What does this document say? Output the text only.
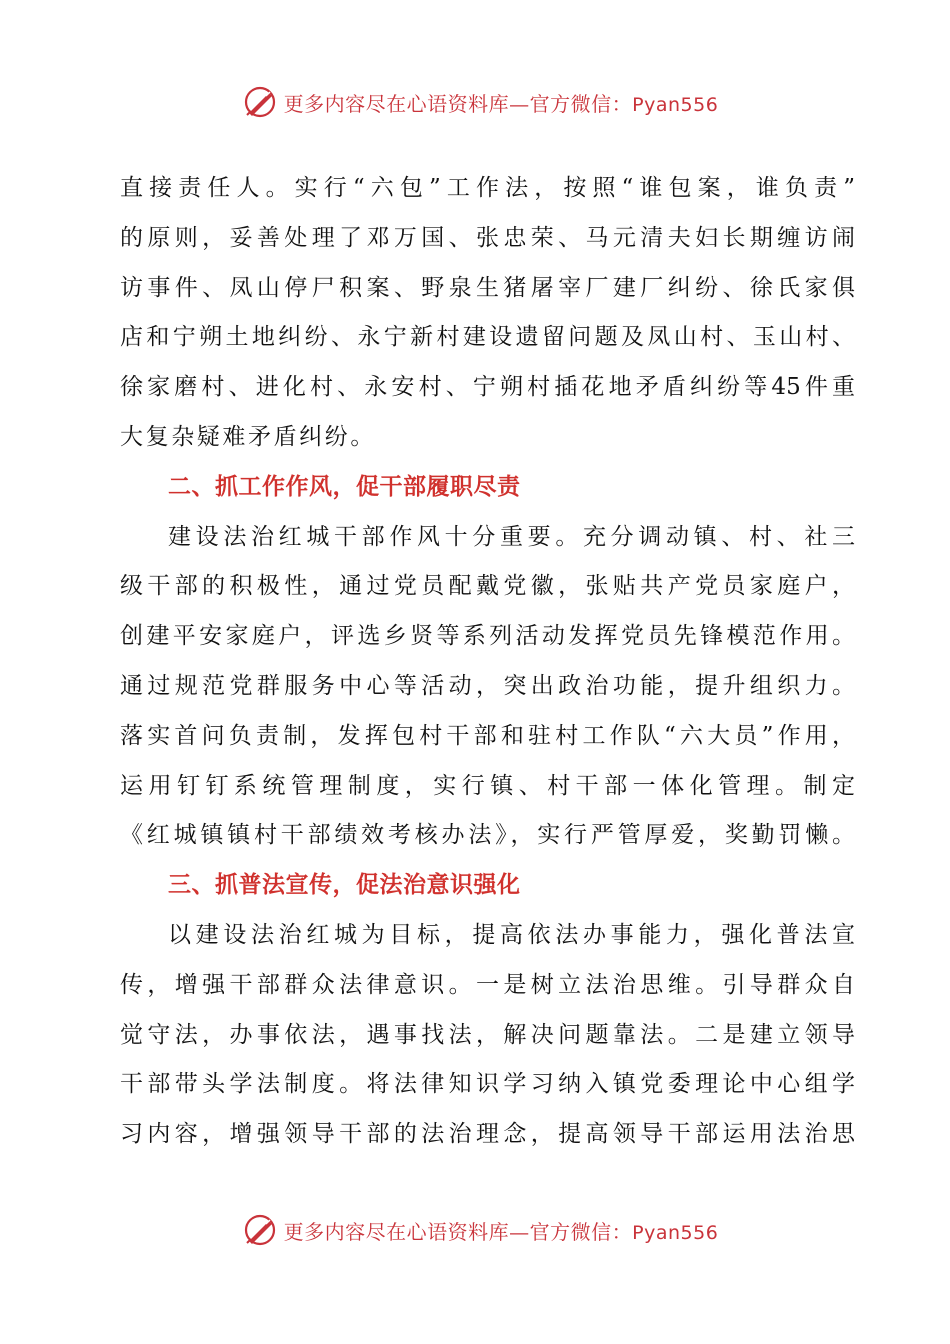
更多内容尽在心语资料库—官方微信：Pyan556
直接责任人。实行“六包”工作法，按照“谁包案，谁负责”
的原则，妥善处理了邓万国、张忠荣、马元清夫妇长期缠访闹
访事件、凤山停尸积案、野泉生猪屠宰厂建厂纠纷、徐氏家俱
店和宁朔土地纠纷、永宁新村建设遗留问题及凤山村、玉山村、
徐家磨村、进化村、永安村、宁朔村插花地矛盾纠纷等45件重
大复杂疑难矛盾纠纷。
二、抓工作作风，促干部履职尽责
建设法治红城干部作风十分重要。充分调动镇、村、社三
级干部的积极性，通过党员配戴党徽，张贴共产党员家庭户，
创建平安家庭户，评选乡贤等系列活动发挥党员先锋模范作用。
通过规范党群服务中心等活动，突出政治功能，提升组织力。
落实首问负责制，发挥包村干部和驻村工作队“六大员”作用，
运用钉钉系统管理制度，实行镇、村干部一体化管理。制定
《红城镇镇村干部绩效考核办法》，实行严管厚爱，奖勤罚懒。
三、抓普法宣传，促法治意识强化
以建设法治红城为目标，提高依法办事能力，强化普法宣
传，增强干部群众法律意识。一是树立法治思维。引导群众自
觉守法，办事依法，遇事找法，解决问题靠法。二是建立领导
干部带头学法制度。将法律知识学习纳入镇党委理论中心组学
习内容，增强领导干部的法治理念，提高领导干部运用法治思
更多内容尽在心语资料库—官方微信：Pyan556
